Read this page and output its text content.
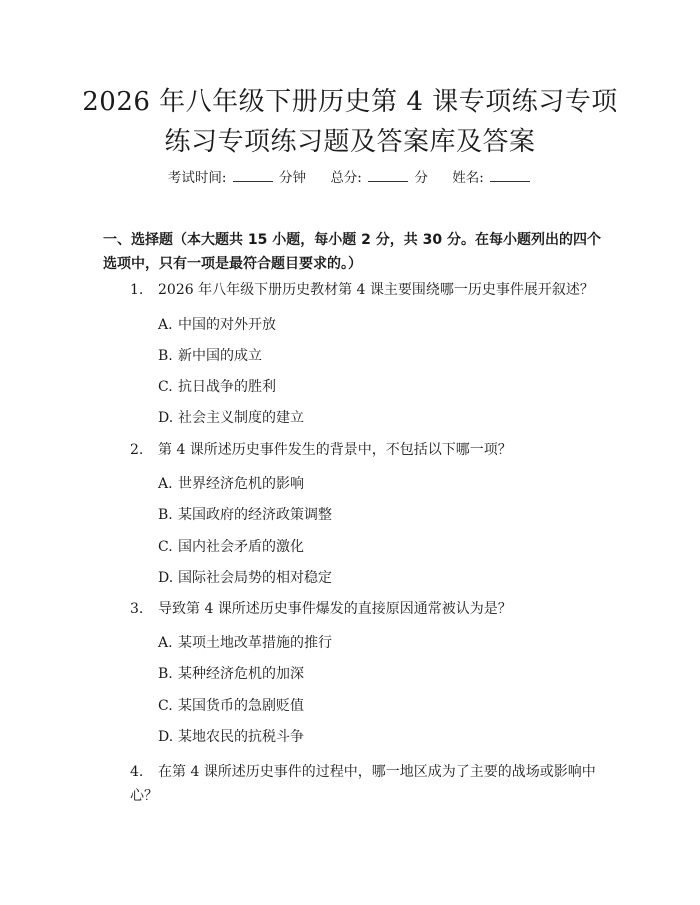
2026 年八年级下册历史第 4 课专项练习专项
练习专项练习题及答案库及答案
考试时间:	分钟 总分:	分 姓名:
一、选择题（本大题共 15 小题，每小题 2 分，共 30 分。在每小题列出的四个选项中，只有一项是最符合题目要求的。）
1. 2026 年八年级下册历史教材第 4 课主要围绕哪一历史事件展开叙述？
A. 中国的对外开放
B. 新中国的成立
C. 抗日战争的胜利
D. 社会主义制度的建立
2. 第 4 课所述历史事件发生的背景中，不包括以下哪一项？
A. 世界经济危机的影响
B. 某国政府的经济政策调整
C. 国内社会矛盾的激化
D. 国际社会局势的相对稳定
3. 导致第 4 课所述历史事件爆发的直接原因通常被认为是？
A. 某项土地改革措施的推行
B. 某种经济危机的加深
C. 某国货币的急剧贬值
D. 某地农民的抗税斗争
4. 在第 4 课所述历史事件的过程中，哪一地区成为了主要的战场或影响中心？
